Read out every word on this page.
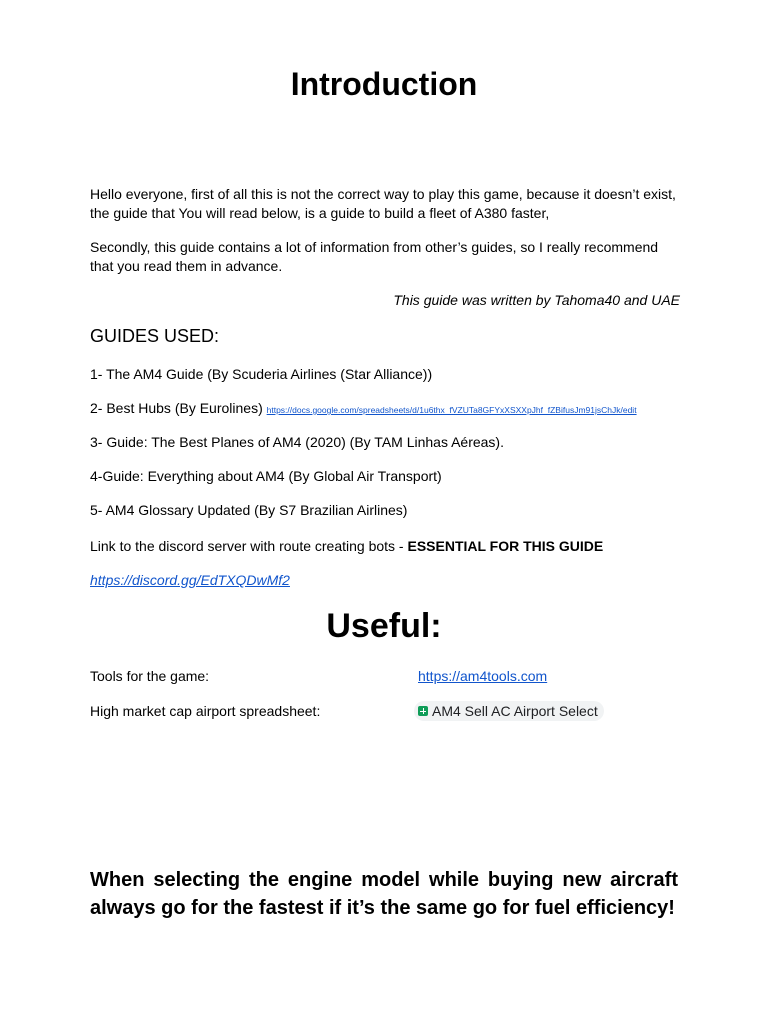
Introduction
Hello everyone, first of all this is not the correct way to play this game, because it doesn’t exist, the guide that You will read below, is a guide to build a fleet of A380 faster,
Secondly, this guide contains a lot of information from other’s guides, so I really recommend that you read them in advance.
This guide was written by Tahoma40 and UAE
GUIDES USED:
1- The AM4 Guide (By Scuderia Airlines (Star Alliance))
2- Best Hubs (By Eurolines) https://docs.google.com/spreadsheets/d/1u6thx_fVZUTa8GFYxXSXXpJhf_fZBifusJm91jsChJk/edit
3- Guide: The Best Planes of AM4 (2020) (By TAM Linhas Aéreas).
4-Guide: Everything about AM4 (By Global Air Transport)
5- AM4 Glossary Updated (By S7 Brazilian Airlines)
Link to the discord server with route creating bots - ESSENTIAL FOR THIS GUIDE
https://discord.gg/EdTXQDwMf2
Useful:
Tools for the game:	https://am4tools.com
High market cap airport spreadsheet:	AM4 Sell AC Airport Select
When selecting the engine model while buying new aircraft always go for the fastest if it’s the same go for fuel efficiency!
